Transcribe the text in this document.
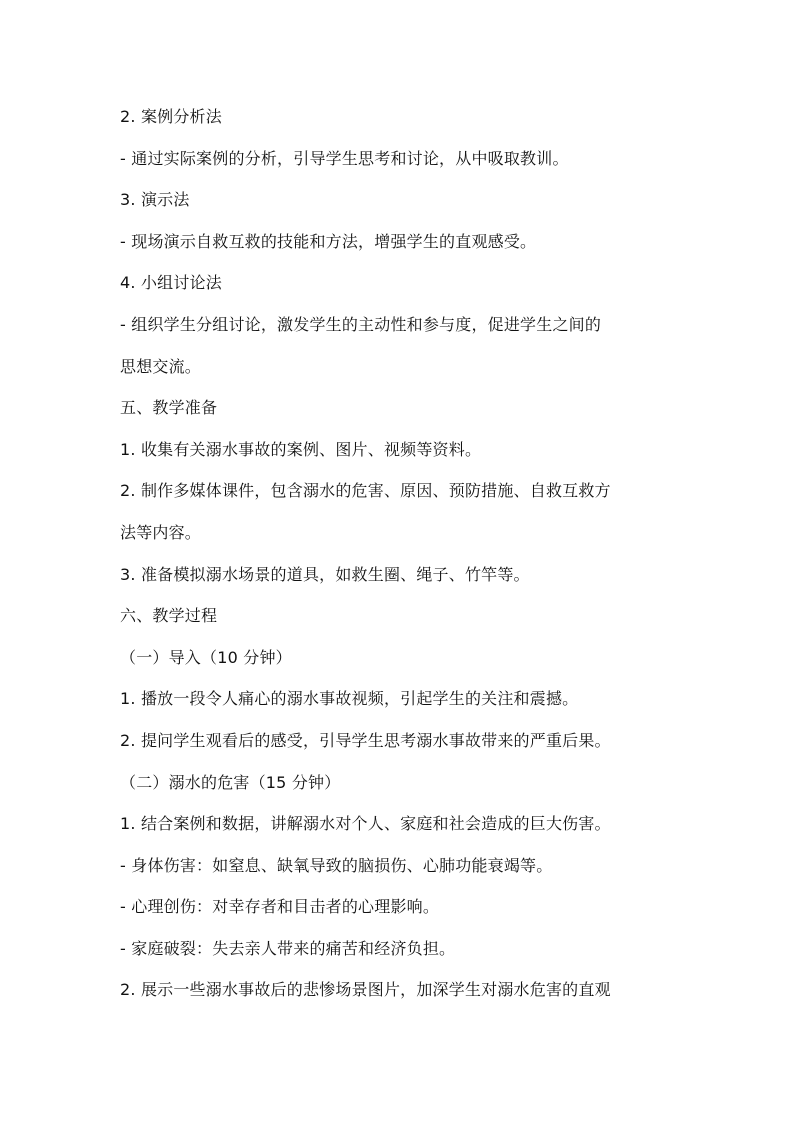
2. 案例分析法

- 通过实际案例的分析，引导学生思考和讨论，从中吸取教训。

3. 演示法

- 现场演示自救互救的技能和方法，增强学生的直观感受。

4. 小组讨论法

- 组织学生分组讨论，激发学生的主动性和参与度，促进学生之间的

思想交流。

五、教学准备

1. 收集有关溺水事故的案例、图片、视频等资料。

2. 制作多媒体课件，包含溺水的危害、原因、预防措施、自救互救方

法等内容。

3. 准备模拟溺水场景的道具，如救生圈、绳子、竹竿等。

六、教学过程

（一）导入（10 分钟）

1. 播放一段令人痛心的溺水事故视频，引起学生的关注和震撼。

2. 提问学生观看后的感受，引导学生思考溺水事故带来的严重后果。

（二）溺水的危害（15 分钟）

1. 结合案例和数据，讲解溺水对个人、家庭和社会造成的巨大伤害。

- 身体伤害：如窒息、缺氧导致的脑损伤、心肺功能衰竭等。

- 心理创伤：对幸存者和目击者的心理影响。

- 家庭破裂：失去亲人带来的痛苦和经济负担。

2. 展示一些溺水事故后的悲惨场景图片，加深学生对溺水危害的直观
